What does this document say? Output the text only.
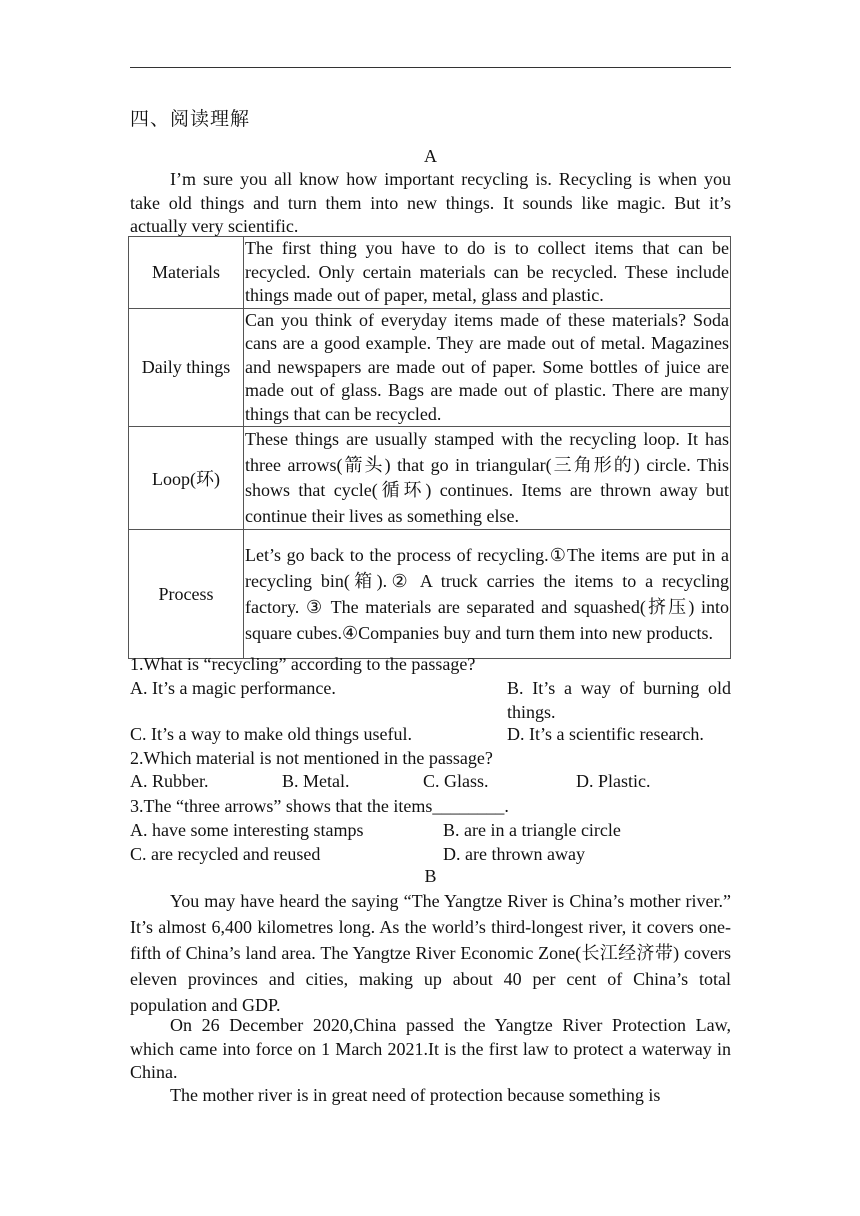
四、阅读理解
A

I’m sure you all know how important recycling is. Recycling is when you take old things and turn them into new things. It sounds like magic. But it’s actually very scientific.

Materials	The first thing you have to do is to collect items that can be recycled. Only certain materials can be recycled. These include things made out of paper, metal, glass and plastic.
Daily things	Can you think of everyday items made of these materials? Soda cans are a good example. They are made out of metal. Magazines and newspapers are made out of paper. Some bottles of juice are made out of glass. Bags are made out of plastic. There are many things that can be recycled.
Loop(环)	These things are usually stamped with the recycling loop. It has three arrows(箭头) that go in triangular(三角形的) circle. This shows that cycle(循环) continues. Items are thrown away but continue their lives as something else.
Process	Let’s go back to the process of recycling.①The items are put in a recycling bin(箱).② A truck carries the items to a recycling factory. ③ The materials are separated and squashed(挤压) into square cubes.④Companies buy and turn them into new products.
1.What is “recycling” according to the passage?
A. It’s a magic performance.	B. It’s a way of burning old things.
C. It’s a way to make old things useful.	D. It’s a scientific research.
2.Which material is not mentioned in the passage?
A. Rubber.	B. Metal.	C. Glass.	D. Plastic.
3.The “three arrows” shows that the items________.
A. have some interesting stamps	B. are in a triangle circle
C. are recycled and reused	D. are thrown away
B

You may have heard the saying “The Yangtze River is China’s mother river.” It’s almost 6,400 kilometres long. As the world’s third-longest river, it covers one-fifth of China’s land area. The Yangtze River Economic Zone(长江经济带) covers eleven provinces and cities, making up about 40 per cent of China’s total population and GDP.

On 26 December 2020,China passed the Yangtze River Protection Law, which came into force on 1 March 2021.It is the first law to protect a waterway in China.

The mother river is in great need of protection because something is
